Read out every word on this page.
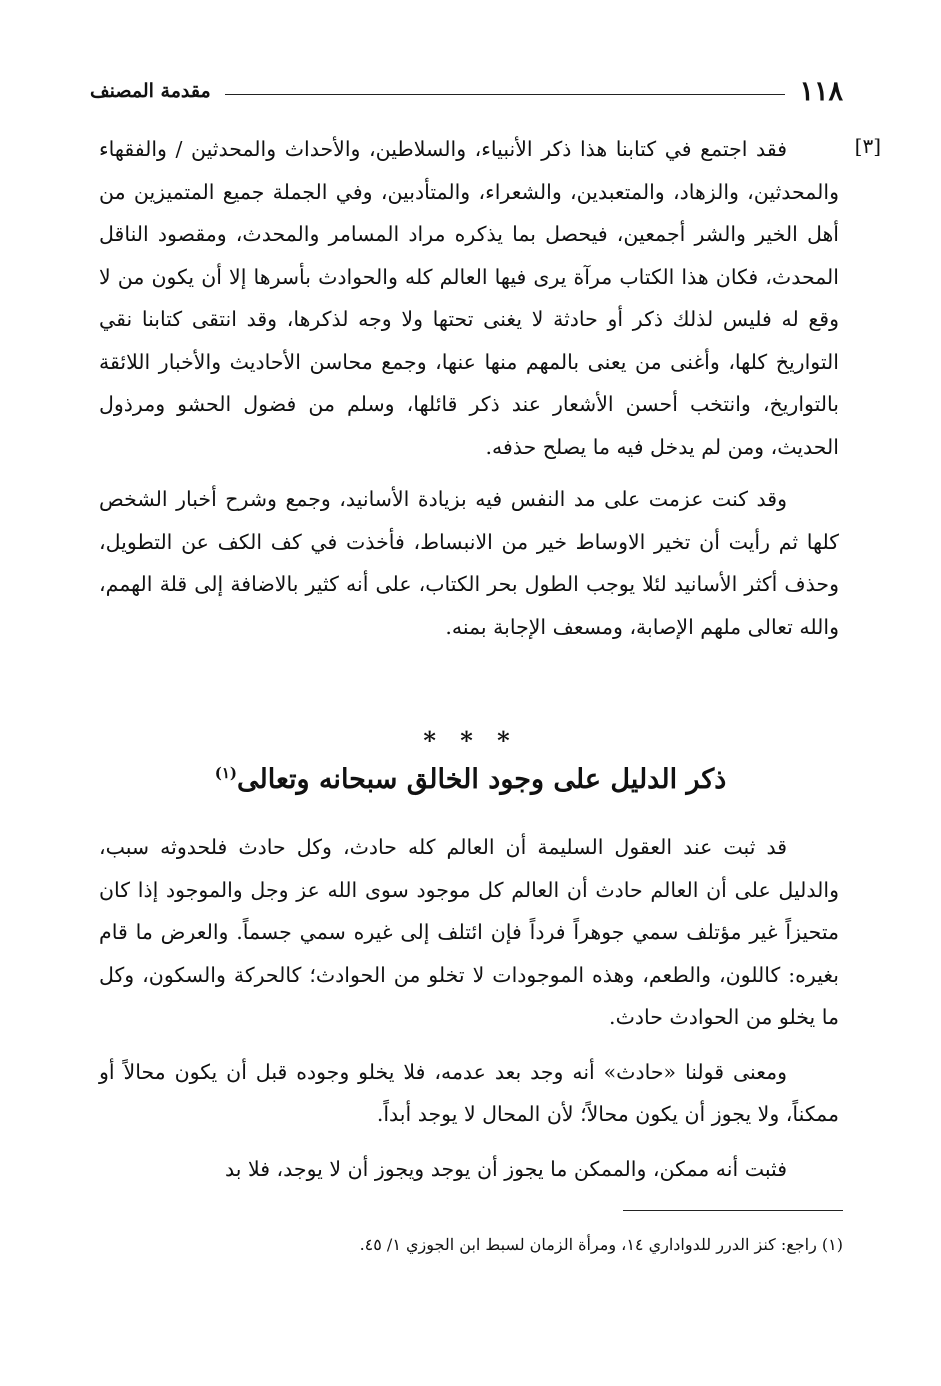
١١٨
مقدمة المصنف
[٣]

فقد اجتمع في كتابنا هذا ذكر الأنبياء، والسلاطين، والأحداث والمحدثين / والفقهاء والمحدثين، والزهاد، والمتعبدين، والشعراء، والمتأدبين، وفي الجملة جميع المتميزين من أهل الخير والشر أجمعين، فيحصل بما يذكره مراد المسامر والمحدث، ومقصود الناقل المحدث، فكان هذا الكتاب مرآة يرى فيها العالم كله والحوادث بأسرها إلا أن يكون من لا وقع له فليس لذلك ذكر أو حادثة لا يغنى تحتها ولا وجه لذكرها، وقد انتقى كتابنا نقي التواريخ كلها، وأغنى من يعنى بالمهم منها عنها، وجمع محاسن الأحاديث والأخبار اللائقة بالتواريخ، وانتخب أحسن الأشعار عند ذكر قائلها، وسلم من فضول الحشو ومرذول الحديث، ومن لم يدخل فيه ما يصلح حذفه.

وقد كنت عزمت على مد النفس فيه بزيادة الأسانيد، وجمع وشرح أخبار الشخص كلها ثم رأيت أن تخير الاوساط خير من الانبساط، فأخذت في كف الكف عن التطويل، وحذف أكثر الأسانيد لئلا يوجب الطول بحر الكتاب، على أنه كثير بالاضافة إلى قلة الهمم، والله تعالى ملهم الإصابة، ومسعف الإجابة بمنه.

* * *
ذكر الدليل على وجود الخالق سبحانه وتعالى$^{(١)}$

قد ثبت عند العقول السليمة أن العالم كله حادث، وكل حادث فلحدوثه سبب، والدليل على أن العالم حادث أن العالم كل موجود سوى الله عز وجل والموجود إذا كان متحيزاً غير مؤتلف سمي جوهراً فرداً فإن ائتلف إلى غيره سمي جسماً. والعرض ما قام بغيره: كاللون، والطعم، وهذه الموجودات لا تخلو من الحوادث؛ كالحركة والسكون، وكل ما يخلو من الحوادث حادث.

ومعنى قولنا «حادث» أنه وجد بعد عدمه، فلا يخلو وجوده قبل أن يكون محالاً أو ممكناً، ولا يجوز أن يكون محالاً؛ لأن المحال لا يوجد أبداً.

فثبت أنه ممكن، والممكن ما يجوز أن يوجد ويجوز أن لا يوجد، فلا بد

(١) راجع: كنز الدرر للدواداري ١٤، ومرأة الزمان لسبط ابن الجوزي ١/ ٤٥.
